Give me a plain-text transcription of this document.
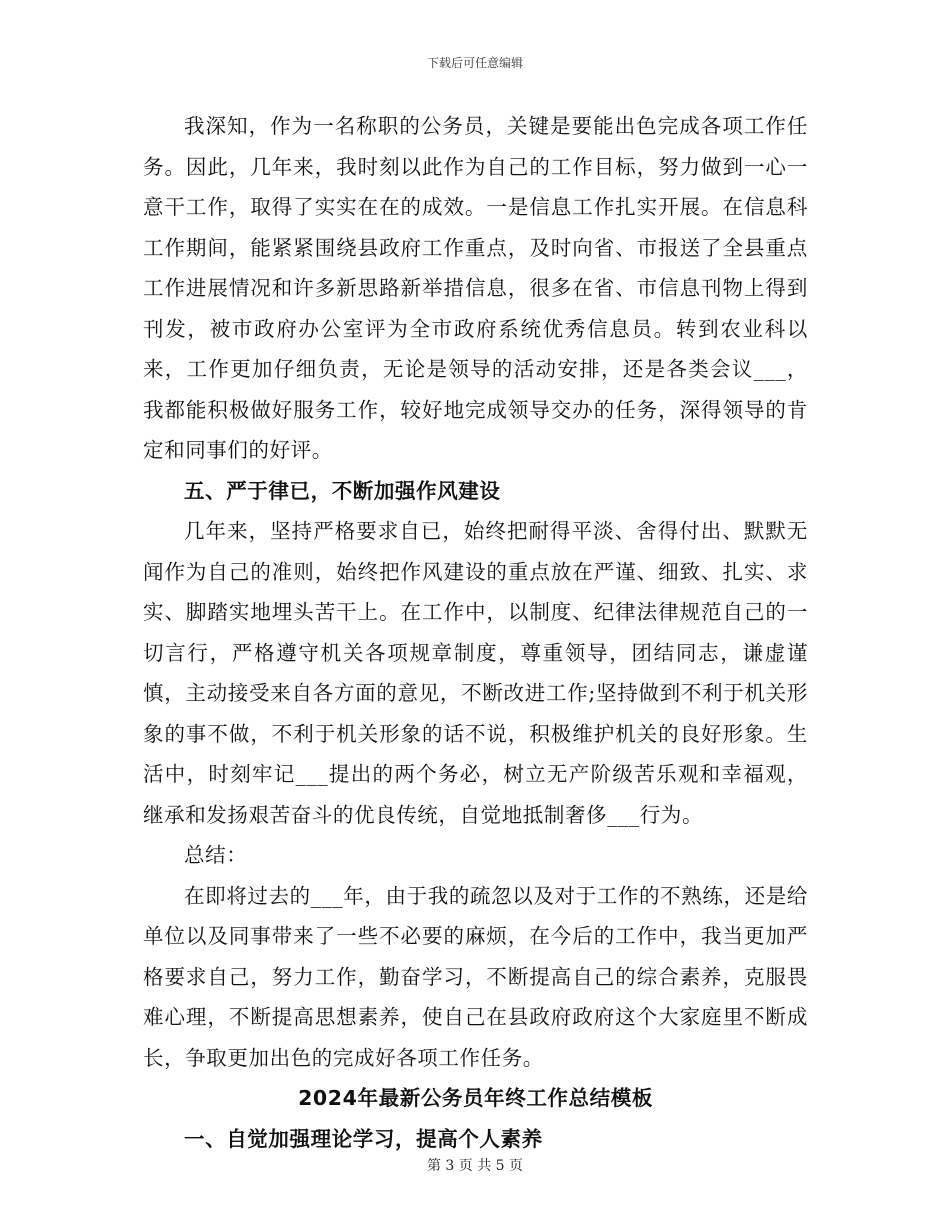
下载后可任意编辑

我深知，作为一名称职的公务员，关键是要能出色完成各项工作任务。因此，几年来，我时刻以此作为自己的工作目标，努力做到一心一意干工作，取得了实实在在的成效。一是信息工作扎实开展。在信息科工作期间，能紧紧围绕县政府工作重点，及时向省、市报送了全县重点工作进展情况和许多新思路新举措信息，很多在省、市信息刊物上得到刊发，被市政府办公室评为全市政府系统优秀信息员。转到农业科以来，工作更加仔细负责，无论是领导的活动安排，还是各类会议___，我都能积极做好服务工作，较好地完成领导交办的任务，深得领导的肯定和同事们的好评。

五、严于律已，不断加强作风建设

几年来，坚持严格要求自已，始终把耐得平淡、舍得付出、默默无闻作为自己的准则，始终把作风建设的重点放在严谨、细致、扎实、求实、脚踏实地埋头苦干上。在工作中，以制度、纪律法律规范自己的一切言行，严格遵守机关各项规章制度，尊重领导，团结同志，谦虚谨慎，主动接受来自各方面的意见，不断改进工作;坚持做到不利于机关形象的事不做，不利于机关形象的话不说，积极维护机关的良好形象。生活中，时刻牢记___提出的两个务必，树立无产阶级苦乐观和幸福观，继承和发扬艰苦奋斗的优良传统，自觉地抵制奢侈___行为。

总结：

在即将过去的___年，由于我的疏忽以及对于工作的不熟练，还是给单位以及同事带来了一些不必要的麻烦，在今后的工作中，我当更加严格要求自己，努力工作，勤奋学习，不断提高自己的综合素养，克服畏难心理，不断提高思想素养，使自己在县政府政府这个大家庭里不断成长，争取更加出色的完成好各项工作任务。

2024年最新公务员年终工作总结模板

一、自觉加强理论学习，提高个人素养

第 3 页 共 5 页
